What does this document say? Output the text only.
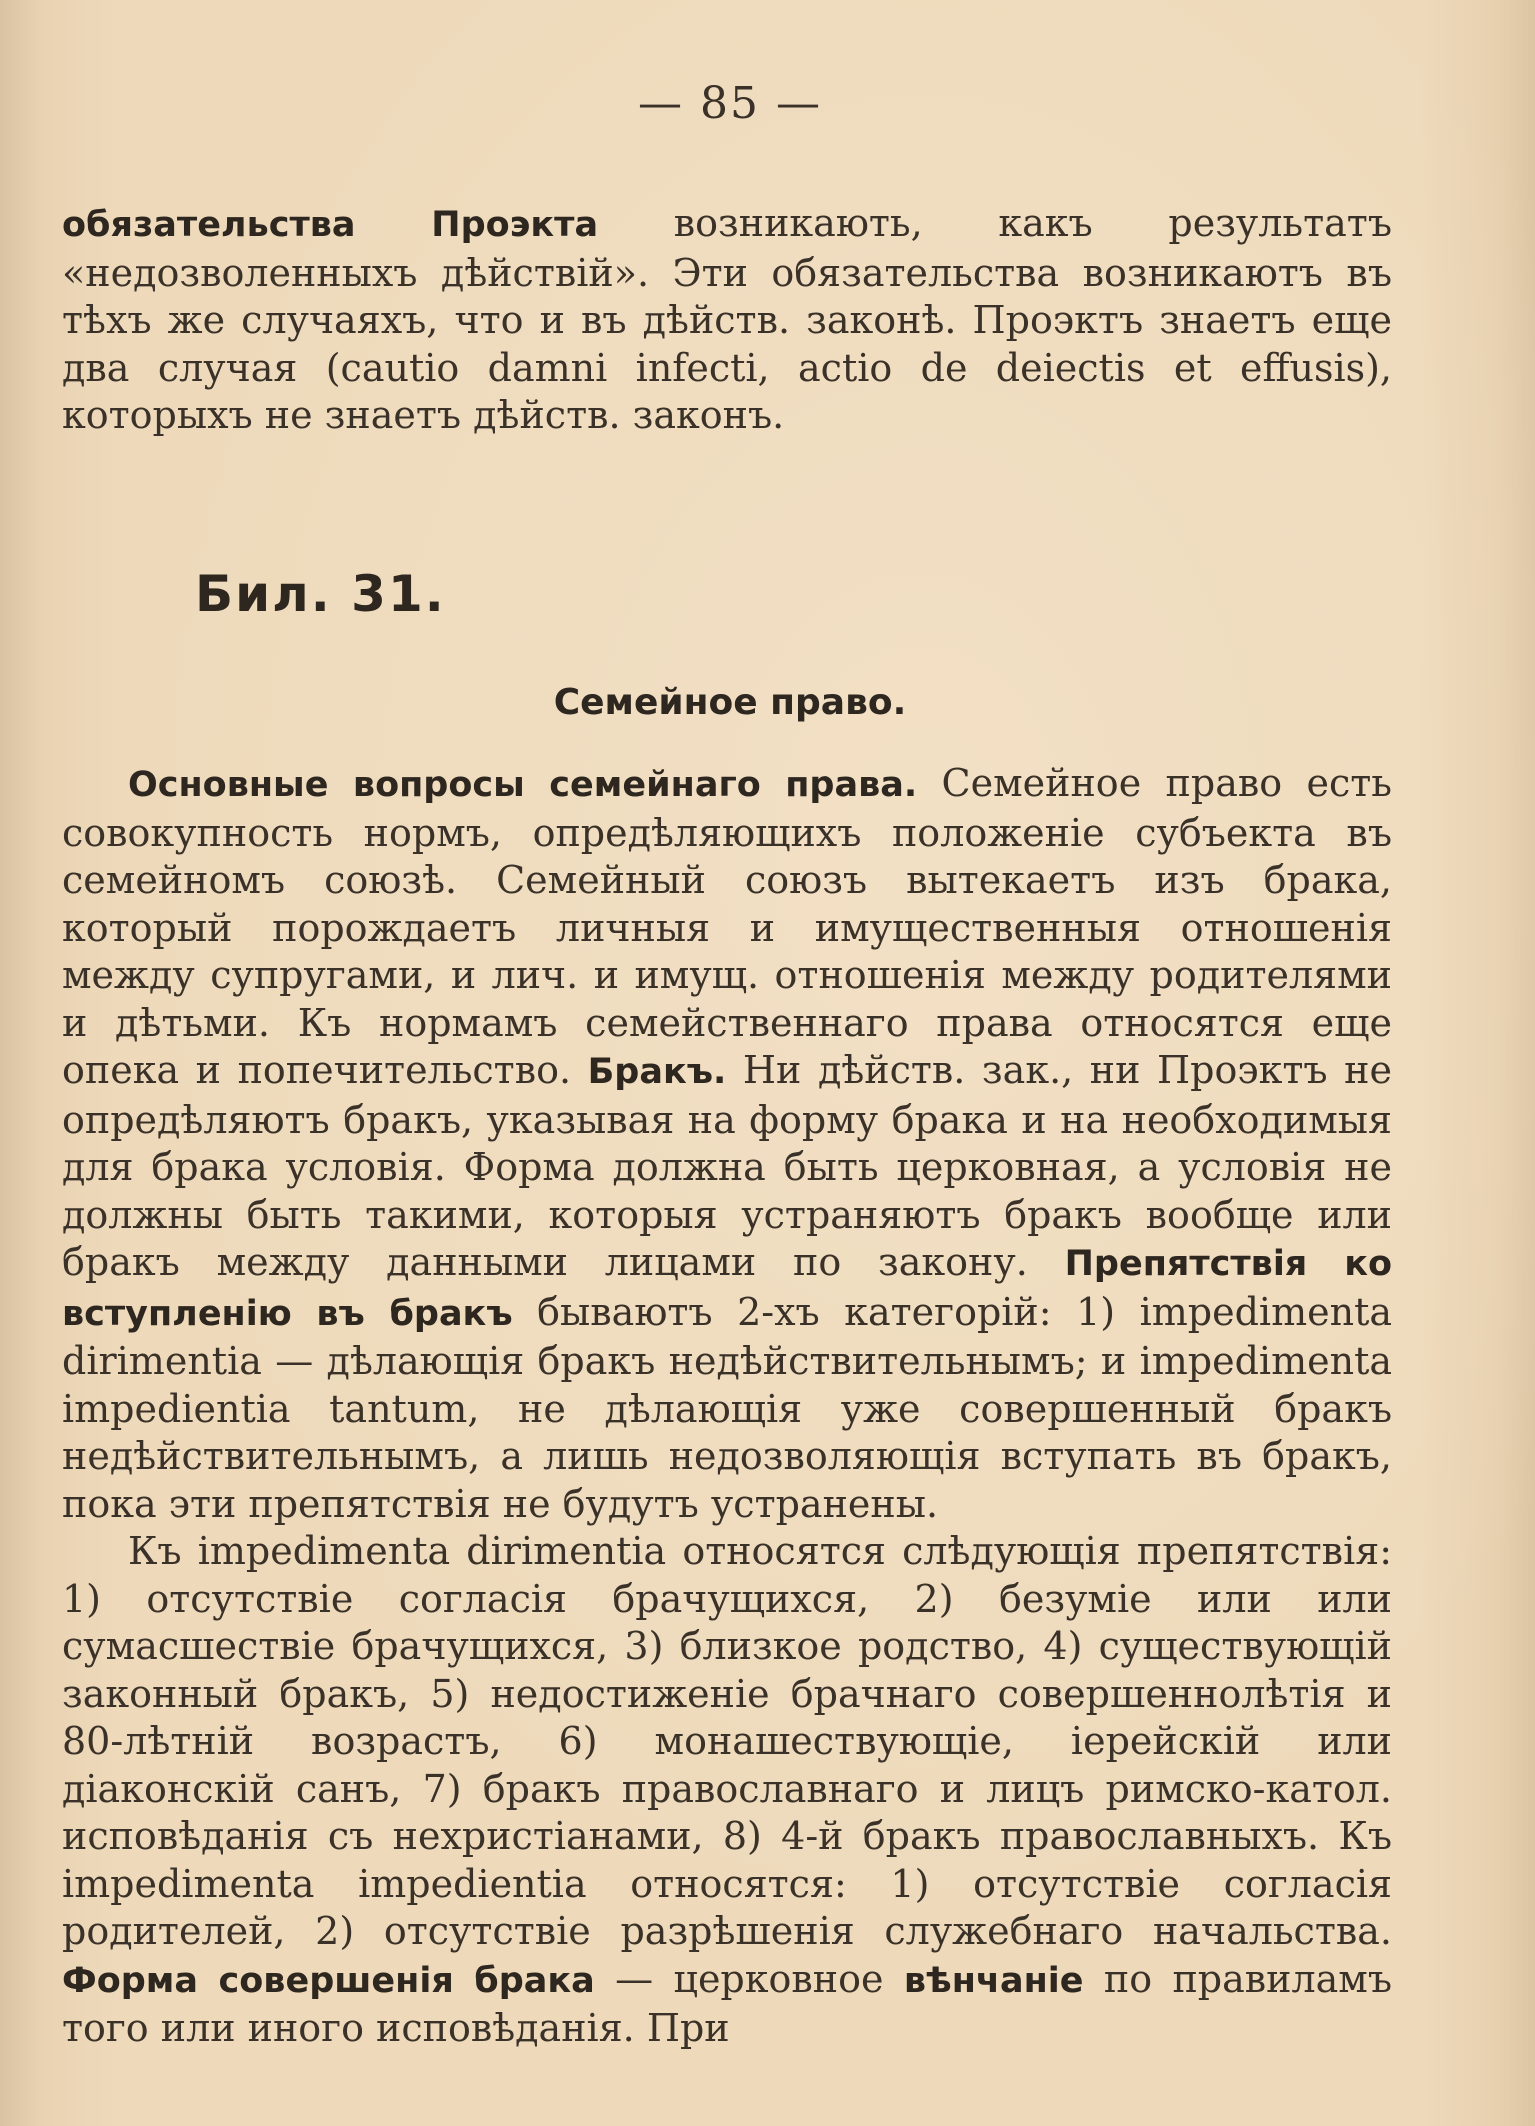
— 85 —

обязательства Проэкта возникають, какъ результатъ «недозволенныхъ дѣйствій». Эти обязательства возникаютъ въ тѣхъ же случаяхъ, что и въ дѣйств. законѣ. Проэктъ знаетъ еще два случая (cautio damni infecti, actio de deiectis et effusis), которыхъ не знаетъ дѣйств. законъ.

Бил. 31.
Семейное право.

Основные вопросы семейнаго права. Семейное право есть совокупность нормъ, опредѣляющихъ положеніе субъекта въ семейномъ союзѣ. Семейный союзъ вытекаетъ изъ брака, который порождаетъ личныя и имущественныя отношенія между супругами, и лич. и имущ. отношенія между родителями и дѣтьми. Къ нормамъ семейственнаго права относятся еще опека и попечительство. Бракъ. Ни дѣйств. зак., ни Проэктъ не опредѣляютъ бракъ, указывая на форму брака и на необходимыя для брака условія. Форма должна быть церковная, а условія не должны быть такими, которыя устраняютъ бракъ вообще или бракъ между данными лицами по закону. Препятствія ко вступленію въ бракъ бываютъ 2-хъ категорій: 1) impedimenta dirimentia — дѣлающія бракъ недѣйствительнымъ; и impedimenta impedientia tantum, не дѣлающія уже совершенный бракъ недѣйствительнымъ, а лишь недозволяющія вступать въ бракъ, пока эти препятствія не будутъ устранены.

Къ impedimenta dirimentia относятся слѣдующія препятствія: 1) отсутствіе согласія брачущихся, 2) безуміе или или сумасшествіе брачущихся, 3) близкое родство, 4) существующій законный бракъ, 5) недостиженіе брачнаго совершеннолѣтія и 80-лѣтній возрастъ, 6) монашествующіе, іерейскій или діаконскій санъ, 7) бракъ православнаго и лицъ римско-катол. исповѣданія съ нехристіанами, 8) 4-й бракъ православныхъ. Къ impedimenta impedientia относятся: 1) отсутствіе согласія родителей, 2) отсутствіе разрѣшенія служебнаго начальства. Форма совершенія брака — церковное вѣнчаніе по правиламъ того или иного исповѣданія. При
